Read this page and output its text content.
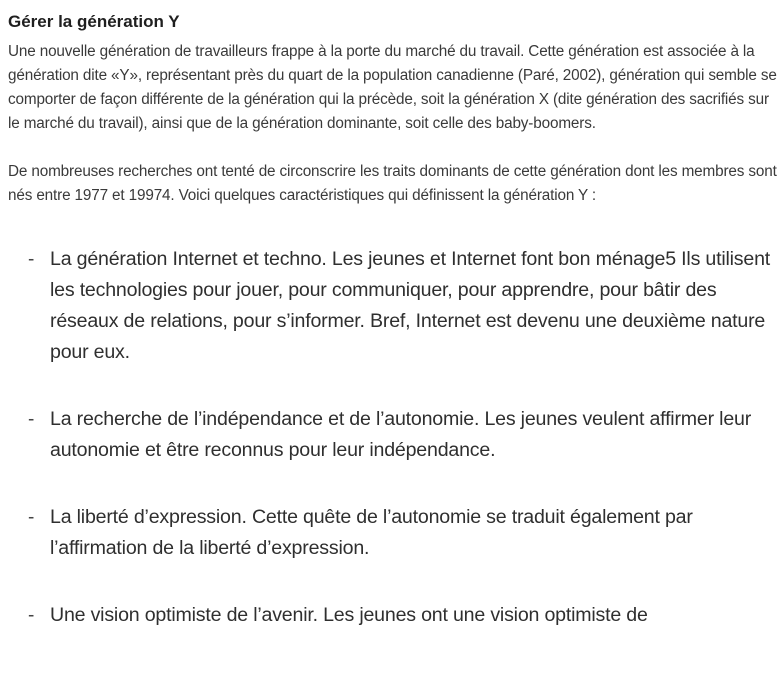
Gérer la génération Y

Une nouvelle génération de travailleurs frappe à la porte du marché du travail. Cette génération est associée à la génération dite «Y», représentant près du quart de la population canadienne (Paré, 2002), génération qui semble se comporter de façon différente de la génération qui la précède, soit la génération X (dite génération des sacrifiés sur le marché du travail), ainsi que de la génération dominante, soit celle des baby-boomers.

De nombreuses recherches ont tenté de circonscrire les traits dominants de cette génération dont les membres sont nés entre 1977 et 19974. Voici quelques caractéristiques qui définissent la génération Y :

- La génération Internet et techno. Les jeunes et Internet font bon ménage5 Ils utilisent les technologies pour jouer, pour communiquer, pour apprendre, pour bâtir des réseaux de relations, pour s’informer. Bref, Internet est devenu une deuxième nature pour eux.
- La recherche de l’indépendance et de l’autonomie. Les jeunes veulent affirmer leur autonomie et être reconnus pour leur indépendance.
- La liberté d’expression. Cette quête de l’autonomie se traduit également par l’affirmation de la liberté d’expression.
- Une vision optimiste de l’avenir. Les jeunes ont une vision optimiste de
